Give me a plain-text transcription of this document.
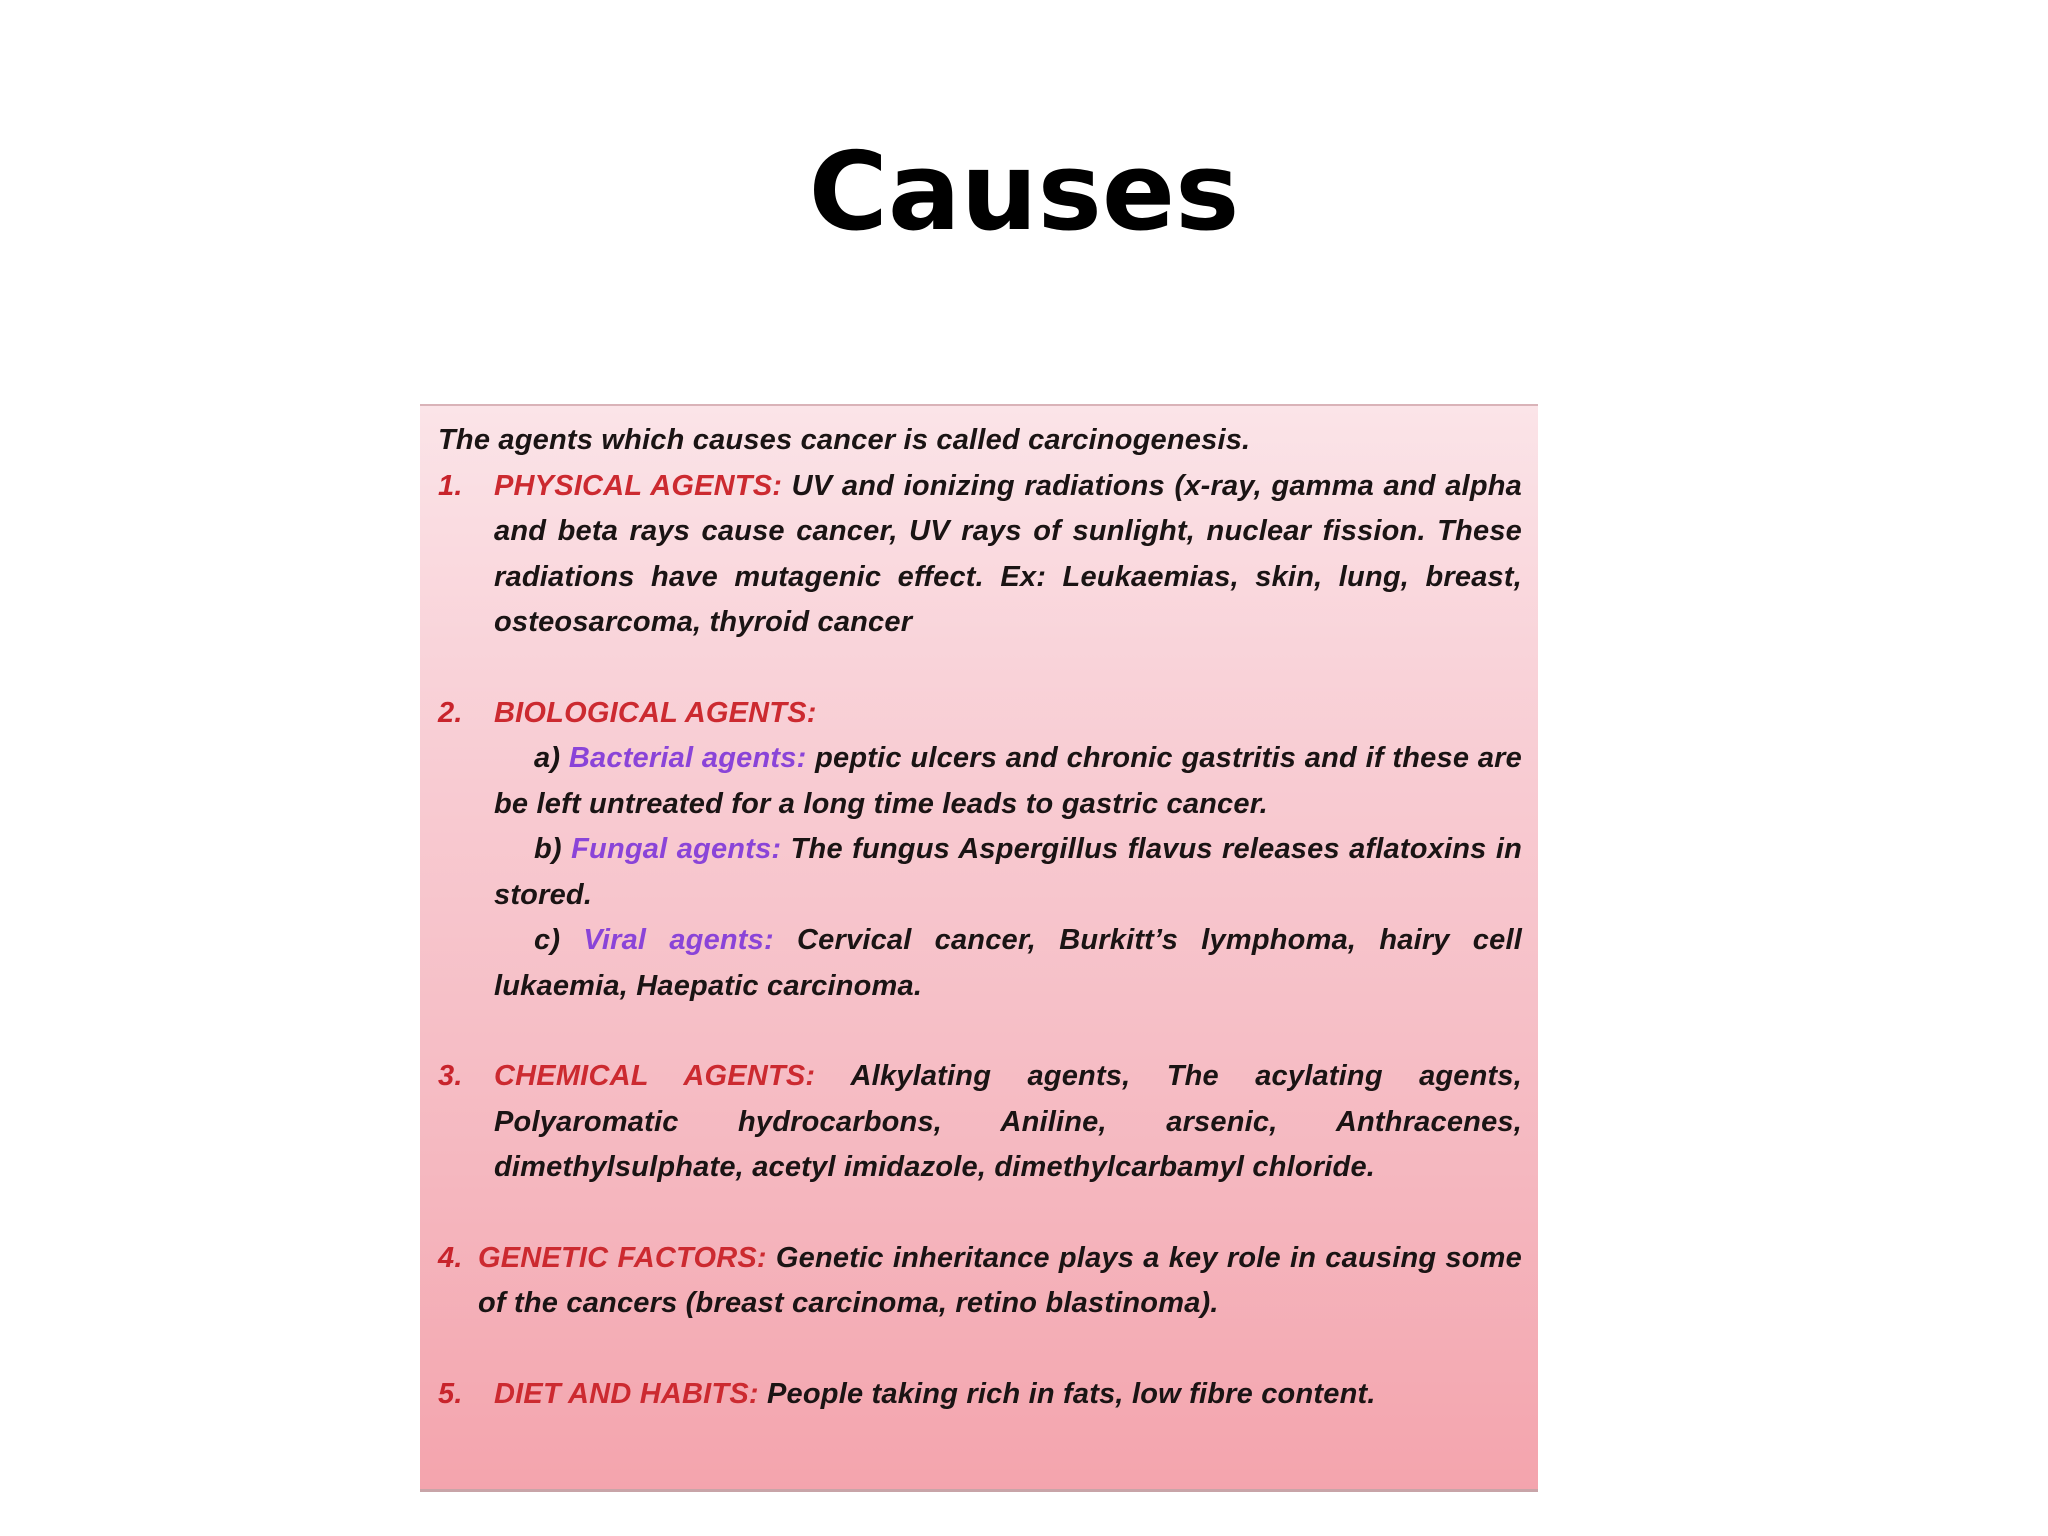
Causes

The agents which causes cancer is called carcinogenesis.

1.	PHYSICAL AGENTS: UV and ionizing radiations (x-ray, gamma and alpha and beta rays cause cancer, UV rays of sunlight, nuclear fission. These radiations have mutagenic effect. Ex: Leukaemias, skin, lung, breast, osteosarcoma, thyroid cancer

2.	BIOLOGICAL AGENTS:

a) Bacterial agents: peptic ulcers and chronic gastritis and if these are be left untreated for a long time leads to gastric cancer.

b) Fungal agents: The fungus Aspergillus flavus releases aflatoxins in stored.

c) Viral agents: Cervical cancer, Burkitt’s lymphoma, hairy cell lukaemia, Haepatic carcinoma.

3.	CHEMICAL AGENTS: Alkylating agents, The acylating agents, Polyaromatic hydrocarbons, Aniline, arsenic, Anthracenes, dimethylsulphate, acetyl imidazole, dimethylcarbamyl chloride.

4. GENETIC FACTORS: Genetic inheritance plays a key role in causing some of the cancers (breast carcinoma, retino blastinoma).

5.	DIET AND HABITS: People taking rich in fats, low fibre content.
